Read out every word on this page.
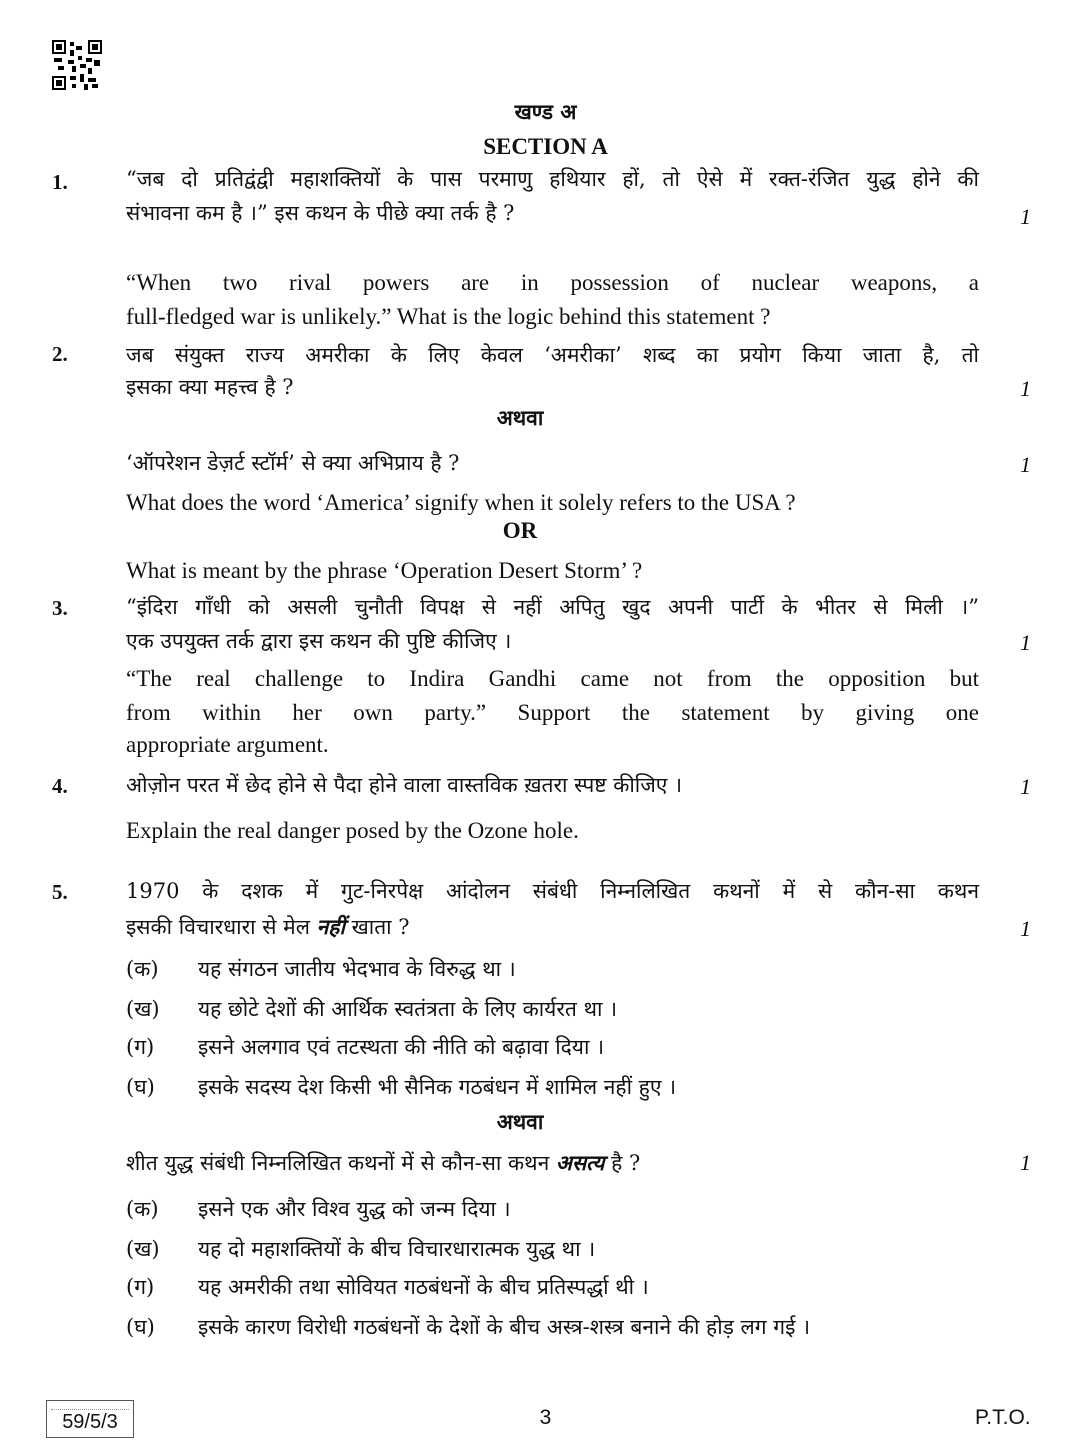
खण्ड अ
SECTION A
1.	“जब दो प्रतिद्वंद्वी महाशक्तियों के पास परमाणु हथियार हों, तो ऐसे में रक्त-रंजित युद्ध होने की
संभावना कम है ।” इस कथन के पीछे क्या तर्क है ?	1
“When two rival powers are in possession of nuclear weapons, a
full-fledged war is unlikely.” What is the logic behind this statement ?
2.	जब संयुक्त राज्य अमरीका के लिए केवल ‘अमरीका’ शब्द का प्रयोग किया जाता है, तो
इसका क्या महत्त्व है ?	1
अथवा
‘ऑपरेशन डेज़र्ट स्टॉर्म’ से क्या अभिप्राय है ?	1
What does the word ‘America’ signify when it solely refers to the USA ?
OR
What is meant by the phrase ‘Operation Desert Storm’ ?
3.	“इंदिरा गाँधी को असली चुनौती विपक्ष से नहीं अपितु खुद अपनी पार्टी के भीतर से मिली ।”
एक उपयुक्त तर्क द्वारा इस कथन की पुष्टि कीजिए ।	1
“The real challenge to Indira Gandhi came not from the opposition but
from within her own party.” Support the statement by giving one
appropriate argument.
4.	ओज़ोन परत में छेद होने से पैदा होने वाला वास्तविक ख़तरा स्पष्ट कीजिए ।	1
Explain the real danger posed by the Ozone hole.
5.	1970 के दशक में गुट-निरपेक्ष आंदोलन संबंधी निम्नलिखित कथनों में से कौन-सा कथन
इसकी विचारधारा से मेल नहीं खाता ?	1
(क) यह संगठन जातीय भेदभाव के विरुद्ध था ।
(ख) यह छोटे देशों की आर्थिक स्वतंत्रता के लिए कार्यरत था ।
(ग) इसने अलगाव एवं तटस्थता की नीति को बढ़ावा दिया ।
(घ) इसके सदस्य देश किसी भी सैनिक गठबंधन में शामिल नहीं हुए ।
अथवा
शीत युद्ध संबंधी निम्नलिखित कथनों में से कौन-सा कथन असत्य है ?	1
(क) इसने एक और विश्व युद्ध को जन्म दिया ।
59/5/3	3	P.T.O.
(ख) यह दो महाशक्तियों के बीच विचारधारात्मक युद्ध था ।
(ग) यह अमरीकी तथा सोवियत गठबंधनों के बीच प्रतिस्पर्द्धा थी ।
(घ) इसके कारण विरोधी गठबंधनों के देशों के बीच अस्त्र-शस्त्र बनाने की होड़ लग गई ।
